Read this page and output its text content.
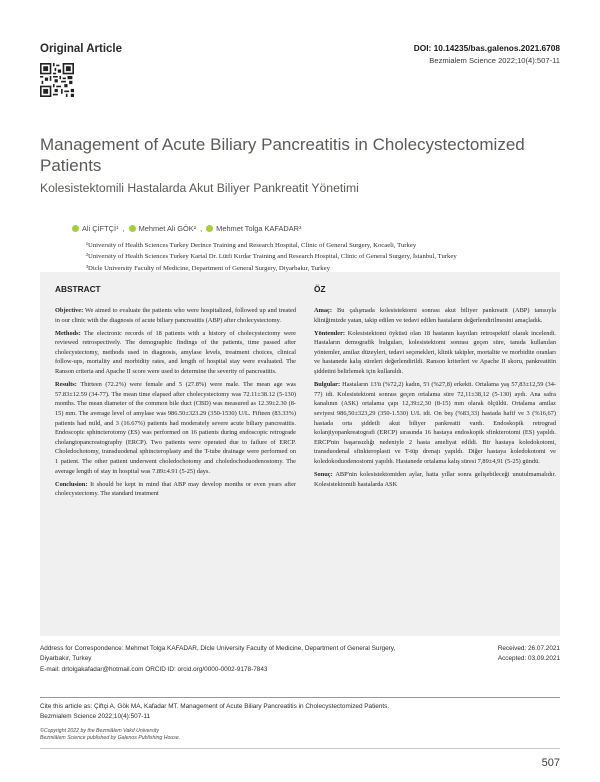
Original Article	DOI: 10.14235/bas.galenos.2021.6708
Bezmialem Science 2022;10(4):507-11
Management of Acute Biliary Pancreatitis in Cholecystectomized Patients
Kolesistektomili Hastalarda Akut Biliyer Pankreatit Yönetimi
Ali ÇİFTÇİ¹ , Mehmet Ali GÖK² , Mehmet Tolga KAFADAR³
¹University of Health Sciences Turkey Derince Training and Research Hospital, Clinic of General Surgery, Kocaeli, Turkey
²University of Health Sciences Turkey Kartal Dr. Lütfi Kırdar Training and Research Hospital, Clinic of General Surgery, İstanbul, Turkey
³Dicle University Faculty of Medicine, Department of General Surgery, Diyarbakır, Turkey
ABSTRACT

Objective: We aimed to evaluate the patients who were hospitalized, followed up and treated in our clinic with the diagnosis of acute biliary pancreatitis (ABP) after cholecystectomy.

Methods: The electronic records of 18 patients with a history of cholecystectomy were reviewed retrospectively. The demographic findings of the patients, time passed after cholecystectomy, methods used in diagnosis, amylase levels, treatment choices, clinical follow-ups, mortality and morbidity rates, and length of hospital stay were evaluated. The Ranson criteria and Apache II score were used to determine the severity of pancreatitis.

Results: Thirteen (72.2%) were female and 5 (27.8%) were male. The mean age was 57.83±12.59 (34-77). The mean time elapsed after cholecystectomy was 72.11±38.12 (5-130) months. The mean diameter of the common bile duct (CBD) was measured as 12.39±2.30 (8-15) mm. The average level of amylase was 986.50±323.29 (350-1530) U/L. Fifteen (83.33%) patients had mild, and 3 (16.67%) patients had moderately severe acute biliary pancreatitis. Endoscopic sphincterotomy (ES) was performed on 16 patients during endoscopic retrograde cholangiopancreatography (ERCP). Two patients were operated due to failure of ERCP. Choledochotomy, transduodenal sphincteroplasty and the T-tube drainage were performed on 1 patient. The other patient underwent choledochotomy and choledochoduodenostomy. The average length of stay in hospital was 7.89±4.91 (5-25) days.

Conclusion: It should be kept in mind that ABP may develop months or even years after cholecystectomy. The standard treatment

ÖZ

Amaç: Bu çalışmada kolesistektomi sonrası akut biliyer pankreatit (ABP) tanısıyla kliniğimizde yatan, takip edilen ve tedavi edilen hastaların değerlendirilmesini amaçladık.

Yöntemler: Kolesistektomi öyküsü olan 18 hastanın kayıtları retrospektif olarak incelendi. Hastaların demografik bulguları, kolesistektomi sonrası geçen süre, tanıda kullanılan yöntemler, amilaz düzeyleri, tedavi seçenekleri, klinik takipler, mortalite ve morbidite oranları ve hastanede kalış süreleri değerlendirildi. Ranson kriterleri ve Apache II skoru, pankreatitin şiddetini belirlemek için kullanıldı.

Bulgular: Hastaların 13'ü (%72,2) kadın, 5'i (%27,8) erkekti. Ortalama yaş 57,83±12,59 (34-77) idi. Kolesistektomi sonrası geçen ortalama süre 72,11±38,12 (5-130) aydı. Ana safra kanalının (ASK) ortalama çapı 12,39±2,30 (8-15) mm olarak ölçüldü. Ortalama amilaz seviyesi 986,50±323,29 (350-1.530) U/L idi. On beş (%83,33) hastada hafif ve 3 (%16,67) hastada orta şiddetli akut biliyer pankreatit vardı. Endoskopik retrograd kolanjiyopankreatografi (ERCP) sırasında 16 hastaya endoskopik sfinkterotomi (ES) yapıldı. ERCP'nin başarısızlığı nedeniyle 2 hasta ameliyat edildi. Bir hastaya koledokotomi, transduodenal sfinkteroplasti ve T-tüp drenajı yapıldı. Diğer hastaya koledokotomi ve koledokoduodenostomi yapıldı. Hastanede ortalama kalış süresi 7,89±4,91 (5-25) gündü.

Sonuç: ABP'nin kolesistektomiden aylar, hatta yıllar sonra gelişebileceği unutulmamalıdır. Kolesistektomili hastalarda ASK

Address for Correspondence: Mehmet Tolga KAFADAR, Dicle University Faculty of Medicine, Department of General Surgery, Diyarbakır, Turkey
E-mail: drtolgakafadar@hotmail.com ORCID ID: orcid.org/0000-0002-9178-7843
Received: 26.07.2021
Accepted: 03.09.2021
Cite this article as: Çiftçi A, Gök MA, Kafadar MT. Management of Acute Biliary Pancreatitis in Cholecystectomized Patients. Bezmialem Science 2022;10(4):507-11
©Copyright 2022 by the Bezmiâlem Vakıf University
Bezmiâlem Science published by Galenos Publishing House.
507
